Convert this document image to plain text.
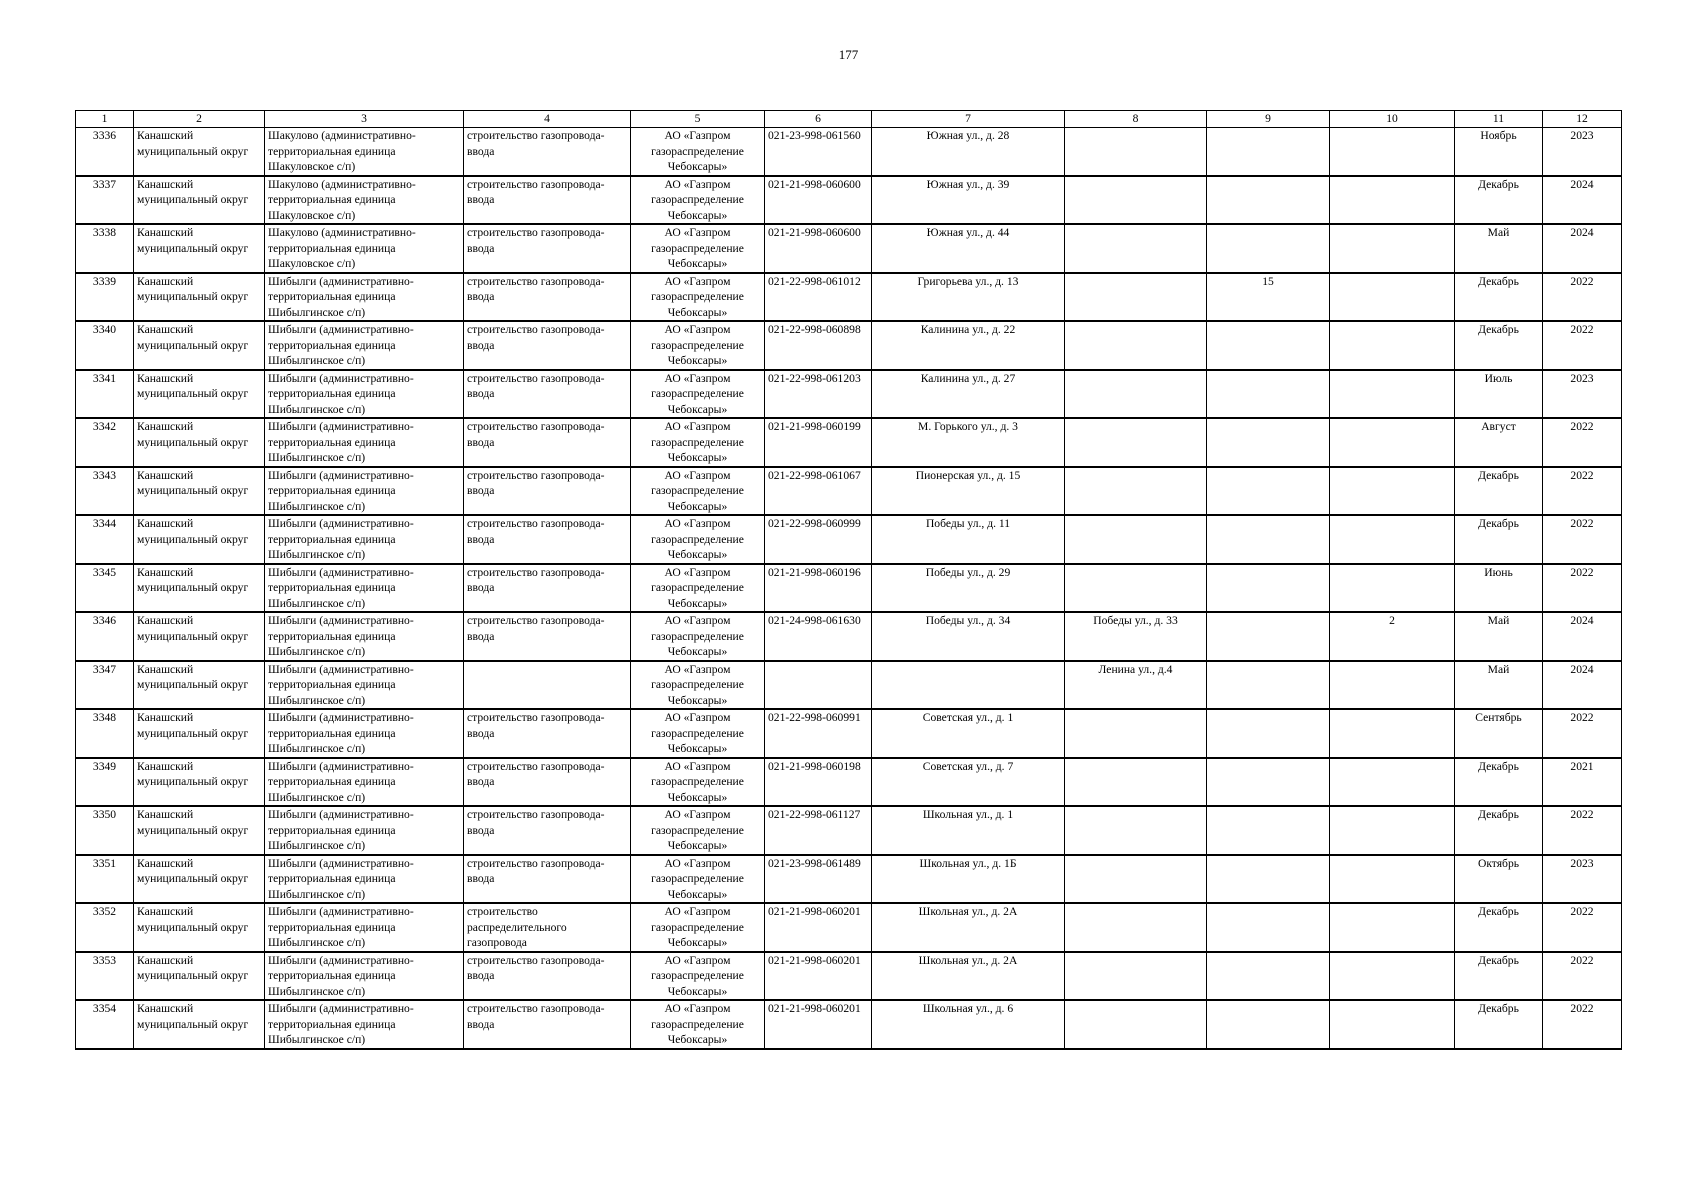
177
1	2	3	4	5	6	7	8	9	10	11	12
3336	Канашский муниципальный округ	Шакулово (административно-территориальная единица Шакуловское с/п)	строительство газопровода-ввода	АО «Газпром газораспределение Чебоксары»	021-23-998-061560	Южная ул., д. 28				Ноябрь	2023
3337	Канашский муниципальный округ	Шакулово (административно-территориальная единица Шакуловское с/п)	строительство газопровода-ввода	АО «Газпром газораспределение Чебоксары»	021-21-998-060600	Южная ул., д. 39				Декабрь	2024
3338	Канашский муниципальный округ	Шакулово (административно-территориальная единица Шакуловское с/п)	строительство газопровода-ввода	АО «Газпром газораспределение Чебоксары»	021-21-998-060600	Южная ул., д. 44				Май	2024
3339	Канашский муниципальный округ	Шибылги (административно-территориальная единица Шибылгинское с/п)	строительство газопровода-ввода	АО «Газпром газораспределение Чебоксары»	021-22-998-061012	Григорьева ул., д. 13		15		Декабрь	2022
3340	Канашский муниципальный округ	Шибылги (административно-территориальная единица Шибылгинское с/п)	строительство газопровода-ввода	АО «Газпром газораспределение Чебоксары»	021-22-998-060898	Калинина ул., д. 22				Декабрь	2022
3341	Канашский муниципальный округ	Шибылги (административно-территориальная единица Шибылгинское с/п)	строительство газопровода-ввода	АО «Газпром газораспределение Чебоксары»	021-22-998-061203	Калинина ул., д. 27				Июль	2023
3342	Канашский муниципальный округ	Шибылги (административно-территориальная единица Шибылгинское с/п)	строительство газопровода-ввода	АО «Газпром газораспределение Чебоксары»	021-21-998-060199	М. Горького ул., д. 3				Август	2022
3343	Канашский муниципальный округ	Шибылги (административно-территориальная единица Шибылгинское с/п)	строительство газопровода-ввода	АО «Газпром газораспределение Чебоксары»	021-22-998-061067	Пионерская ул., д. 15				Декабрь	2022
3344	Канашский муниципальный округ	Шибылги (административно-территориальная единица Шибылгинское с/п)	строительство газопровода-ввода	АО «Газпром газораспределение Чебоксары»	021-22-998-060999	Победы ул., д. 11				Декабрь	2022
3345	Канашский муниципальный округ	Шибылги (административно-территориальная единица Шибылгинское с/п)	строительство газопровода-ввода	АО «Газпром газораспределение Чебоксары»	021-21-998-060196	Победы ул., д. 29				Июнь	2022
3346	Канашский муниципальный округ	Шибылги (административно-территориальная единица Шибылгинское с/п)	строительство газопровода-ввода	АО «Газпром газораспределение Чебоксары»	021-24-998-061630	Победы ул., д. 34	Победы ул., д. 33		2	Май	2024
3347	Канашский муниципальный округ	Шибылги (административно-территориальная единица Шибылгинское с/п)		АО «Газпром газораспределение Чебоксары»			Ленина ул., д.4			Май	2024
3348	Канашский муниципальный округ	Шибылги (административно-территориальная единица Шибылгинское с/п)	строительство газопровода-ввода	АО «Газпром газораспределение Чебоксары»	021-22-998-060991	Советская ул., д. 1				Сентябрь	2022
3349	Канашский муниципальный округ	Шибылги (административно-территориальная единица Шибылгинское с/п)	строительство газопровода-ввода	АО «Газпром газораспределение Чебоксары»	021-21-998-060198	Советская ул., д. 7				Декабрь	2021
3350	Канашский муниципальный округ	Шибылги (административно-территориальная единица Шибылгинское с/п)	строительство газопровода-ввода	АО «Газпром газораспределение Чебоксары»	021-22-998-061127	Школьная ул., д. 1				Декабрь	2022
3351	Канашский муниципальный округ	Шибылги (административно-территориальная единица Шибылгинское с/п)	строительство газопровода-ввода	АО «Газпром газораспределение Чебоксары»	021-23-998-061489	Школьная ул., д. 1Б				Октябрь	2023
3352	Канашский муниципальный округ	Шибылги (административно-территориальная единица Шибылгинское с/п)	строительство распределительного газопровода	АО «Газпром газораспределение Чебоксары»	021-21-998-060201	Школьная ул., д. 2А				Декабрь	2022
3353	Канашский муниципальный округ	Шибылги (административно-территориальная единица Шибылгинское с/п)	строительство газопровода-ввода	АО «Газпром газораспределение Чебоксары»	021-21-998-060201	Школьная ул., д. 2А				Декабрь	2022
3354	Канашский муниципальный округ	Шибылги (административно-территориальная единица Шибылгинское с/п)	строительство газопровода-ввода	АО «Газпром газораспределение Чебоксары»	021-21-998-060201	Школьная ул., д. 6				Декабрь	2022
